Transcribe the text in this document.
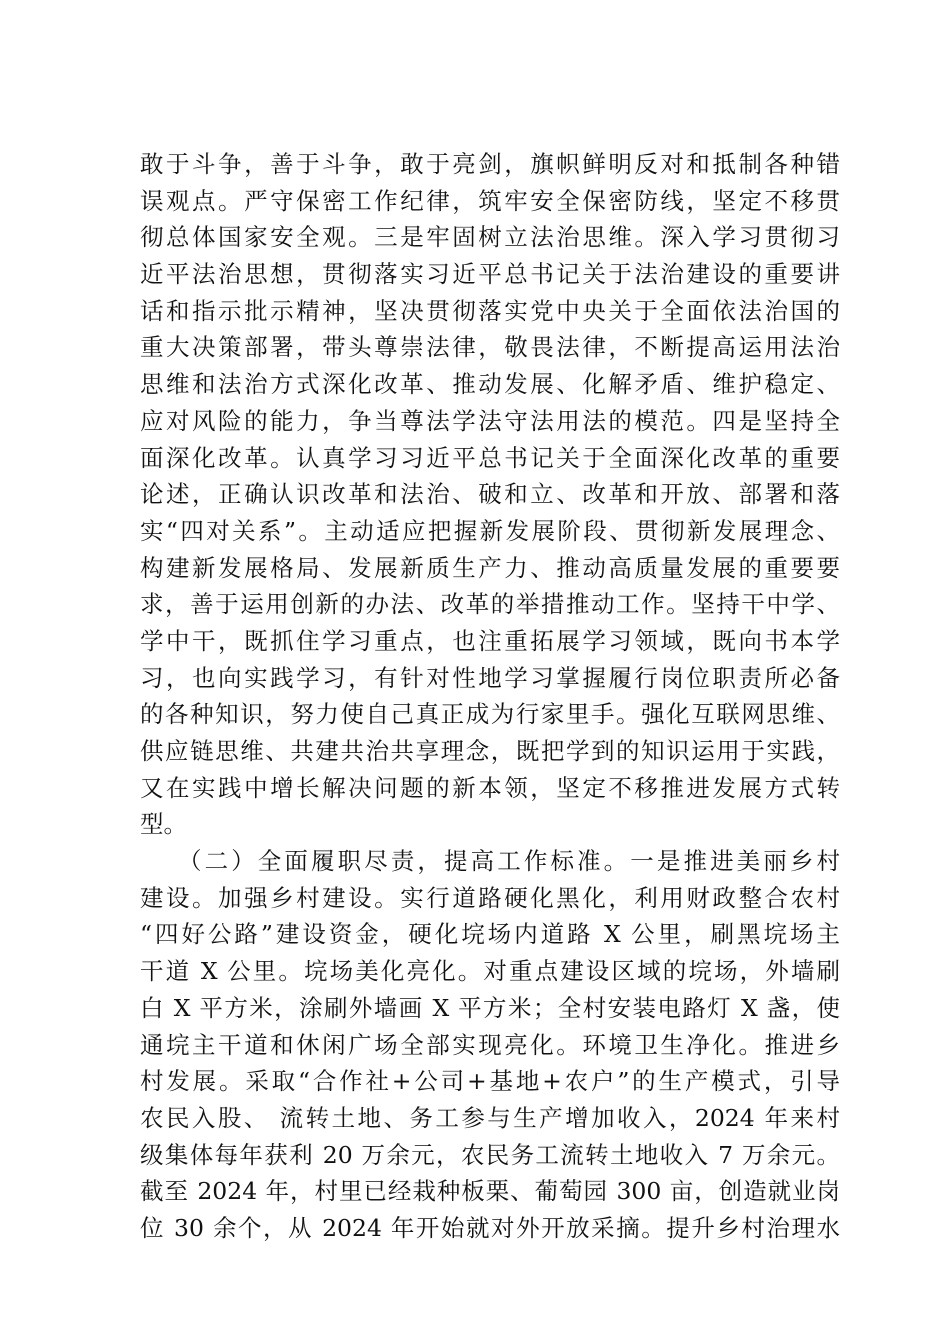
敢于斗争，善于斗争，敢于亮剑，旗帜鲜明反对和抵制各种错
误观点。严守保密工作纪律，筑牢安全保密防线，坚定不移贯
彻总体国家安全观。三是牢固树立法治思维。深入学习贯彻习
近平法治思想，贯彻落实习近平总书记关于法治建设的重要讲
话和指示批示精神，坚决贯彻落实党中央关于全面依法治国的
重大决策部署，带头尊崇法律，敬畏法律，不断提高运用法治
思维和法治方式深化改革、推动发展、化解矛盾、维护稳定、
应对风险的能力，争当尊法学法守法用法的模范。四是坚持全
面深化改革。认真学习习近平总书记关于全面深化改革的重要
论述，正确认识改革和法治、破和立、改革和开放、部署和落
实“四对关系”。主动适应把握新发展阶段、贯彻新发展理念、
构建新发展格局、发展新质生产力、推动高质量发展的重要要
求，善于运用创新的办法、改革的举措推动工作。坚持干中学、
学中干，既抓住学习重点，也注重拓展学习领域，既向书本学
习，也向实践学习，有针对性地学习掌握履行岗位职责所必备
的各种知识，努力使自己真正成为行家里手。强化互联网思维、
供应链思维、共建共治共享理念，既把学到的知识运用于实践，
又在实践中增长解决问题的新本领，坚定不移推进发展方式转
型。
（二）全面履职尽责，提高工作标准。一是推进美丽乡村
建设。加强乡村建设。实行道路硬化黑化，利用财政整合农村
“四好公路”建设资金，硬化垸场内道路 X 公里，刷黑垸场主
干道 X 公里。垸场美化亮化。对重点建设区域的垸场，外墙刷
白 X 平方米，涂刷外墙画 X 平方米；全村安装电路灯 X 盏，使
通垸主干道和休闲广场全部实现亮化。环境卫生净化。推进乡
村发展。采取“合作社+公司+基地+农户”的生产模式，引导
农民入股、 流转土地、务工参与生产增加收入，2024 年来村
级集体每年获利 20 万余元，农民务工流转土地收入 7 万余元。
截至 2024 年，村里已经栽种板栗、葡萄园 300 亩，创造就业岗
位 30 余个，从 2024 年开始就对外开放采摘。提升乡村治理水
